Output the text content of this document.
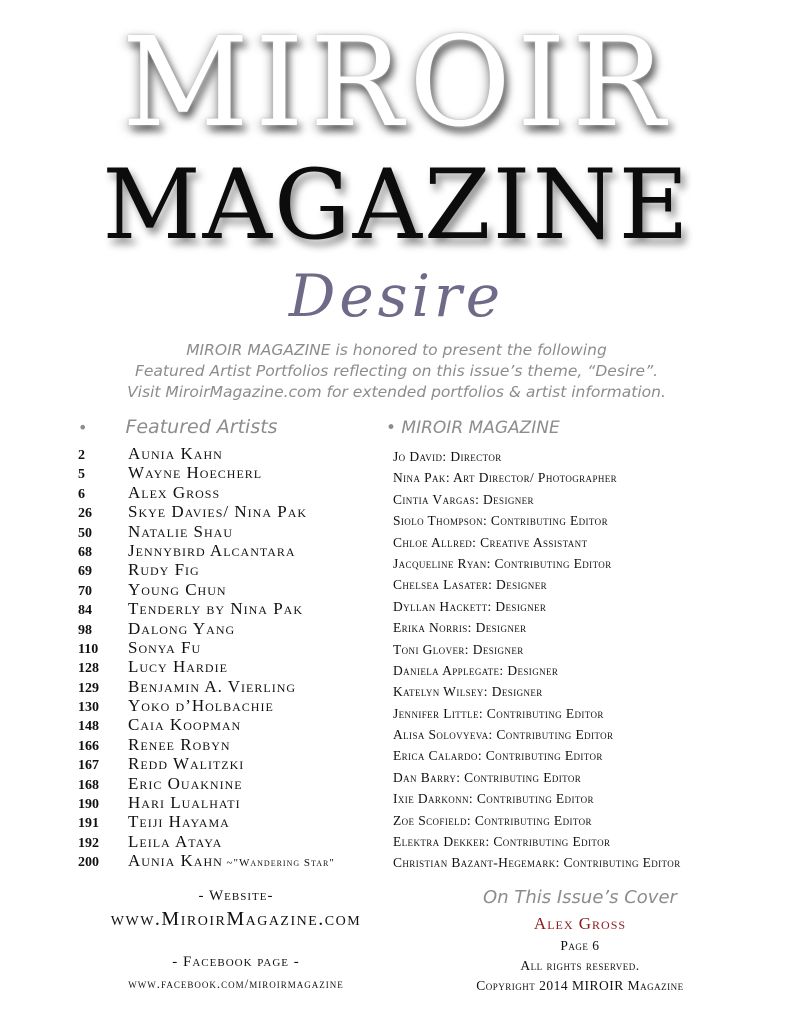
MIROIR
MAGAZINE
Desire
MIROIR MAGAZINE is honored to present the following
Featured Artist Portfolios reflecting on this issue’s theme, “Desire”.
Visit MiroirMagazine.com for extended portfolios & artist information.
• Featured Artists	• MIROIR MAGAZINE
2	Aunia Kahn
5	Wayne Hoecherl
6	Alex Gross
26 Skye Davies/ Nina Pak
50 Natalie Shau
68 Jennybird Alcantara
69 Rudy Fig
70 Young Chun
84 Tenderly by Nina Pak
98 Dalong Yang
110 Sonya Fu
128 Lucy Hardie
129 Benjamin A. Vierling
130 Yoko d’Holbachie
148 Caia Koopman
166 Renee Robyn
167 Redd Walitzki
168 Eric Ouaknine
190 Hari Lualhati
191 Teiji Hayama
192 Leila Ataya
200 Aunia Kahn ~"Wandering Star"
Jo David: Director
Nina Pak: Art Director/ Photographer
Cintia Vargas: Designer
Siolo Thompson: Contributing Editor
Chloe Allred: Creative Assistant
Jacqueline Ryan: Contributing Editor
Chelsea Lasater: Designer
Dyllan Hackett: Designer
Erika Norris: Designer
Toni Glover: Designer
Daniela Applegate: Designer
Katelyn Wilsey: Designer
Jennifer Little: Contributing Editor
Alisa Solovyeva: Contributing Editor
Erica Calardo: Contributing Editor
Dan Barry: Contributing Editor
Ixie Darkonn: Contributing Editor
Zoe Scofield: Contributing Editor
Elektra Dekker: Contributing Editor
Christian Bazant-Hegemark: Contributing Editor
- Website-
www.MiroirMagazine.com
- Facebook page -
www.facebook.com/miroirmagazine
On This Issue’s Cover
Alex Gross
Page 6
All rights reserved.
Copyright 2014 MIROIR Magazine
